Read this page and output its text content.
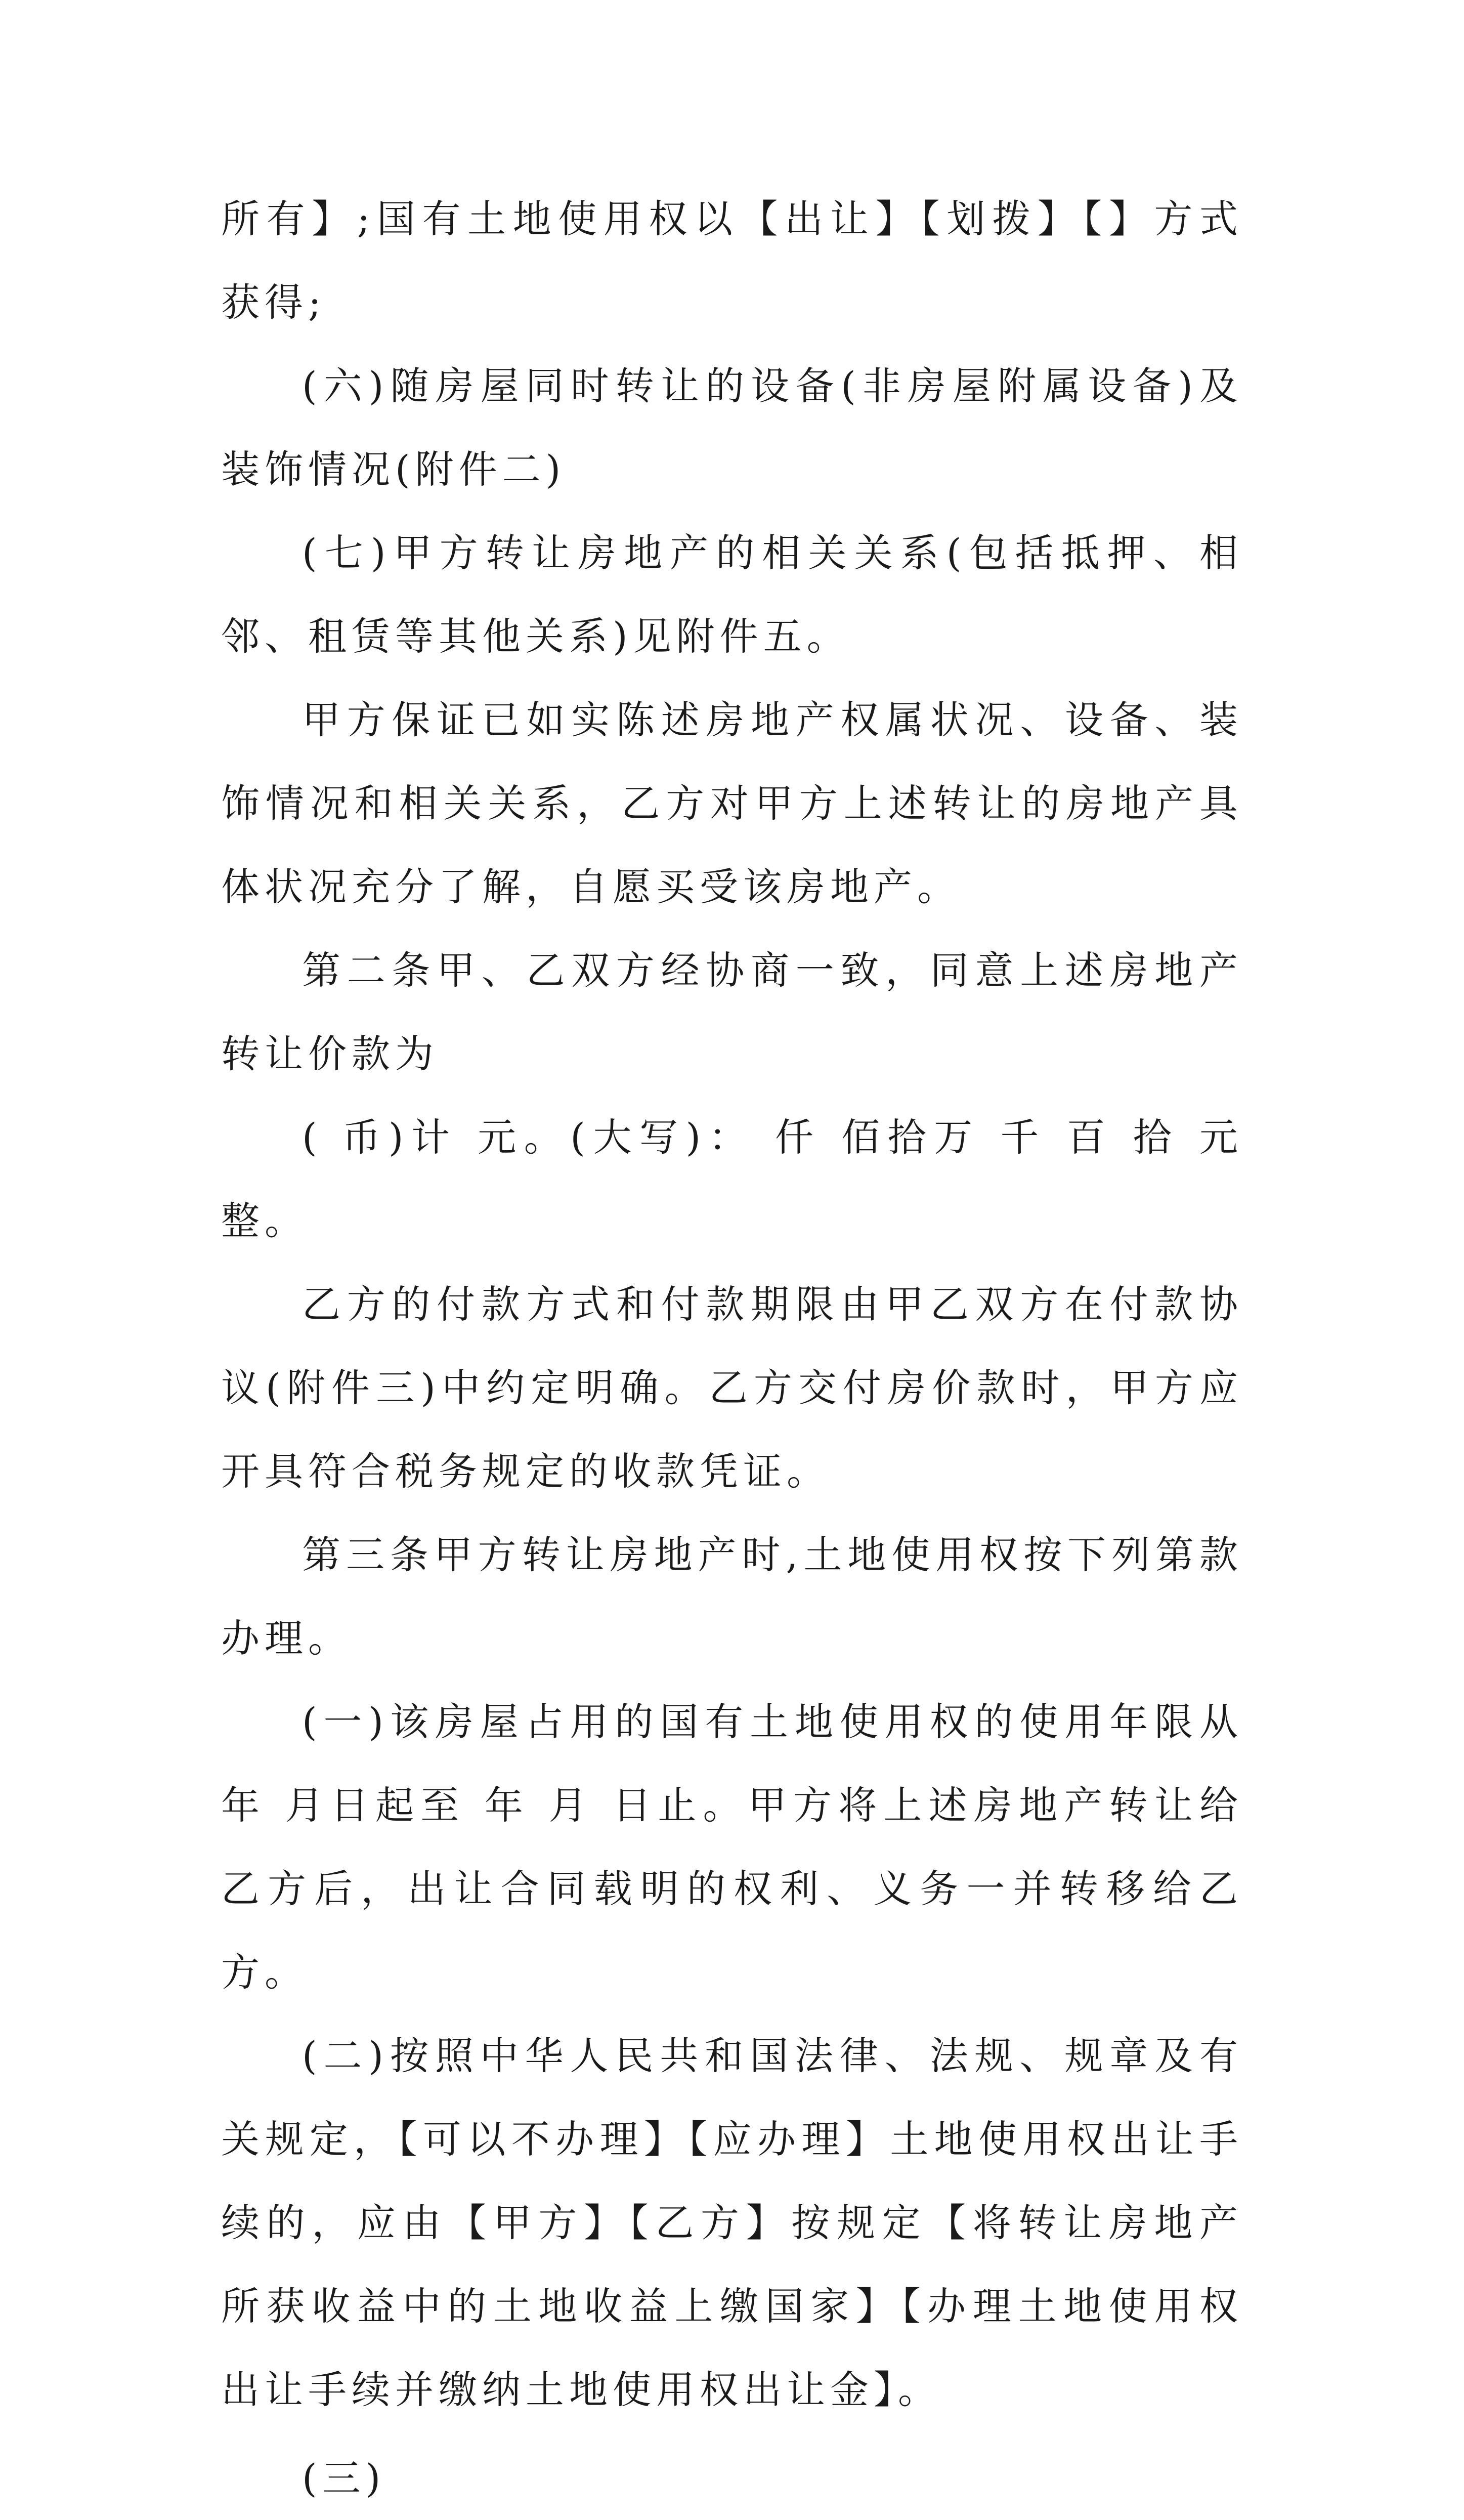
所有】;国有土地使用权以【出让】【划拨】【】方式获得;

(六)随房屋同时转让的设备(非房屋附属设备)及装饰情况(附件二)

(七)甲方转让房地产的相关关系(包括抵押、相邻、租赁等其他关系)见附件五。

甲方保证已如实陈述房地产权属状况、设备、装饰情况和相关关系，乙方对甲方上述转让的房地产具体状况充分了解，自愿买受该房地产。

第二条甲、乙双方经协商一致，同意上述房地产转让价款为

( 币)计 元。(大写)： 仟 佰拾万 千 百 拾 元整。

乙方的付款方式和付款期限由甲乙双方在付款协议(附件三)中约定明确。乙方交付房价款时，甲方应开具符合税务规定的收款凭证。

第三条甲方转让房地产时,土地使用权按下列第款办理。

(一)该房屋占用的国有土地使用权的使用年限从 年 月日起至 年 月 日止。甲方将上述房地产转让给乙方后，出让合同载明的权利、义务一并转移给乙方。

(二)按照中华人民共和国法律、法规、规章及有关规定，【可以不办理】【应办理】土地使用权出让手续的，应由【甲方】【乙方】按规定【将转让房地产所获收益中的土地收益上缴国家】【办理土地使用权出让手续并缴纳土地使用权出让金】。

(三)
